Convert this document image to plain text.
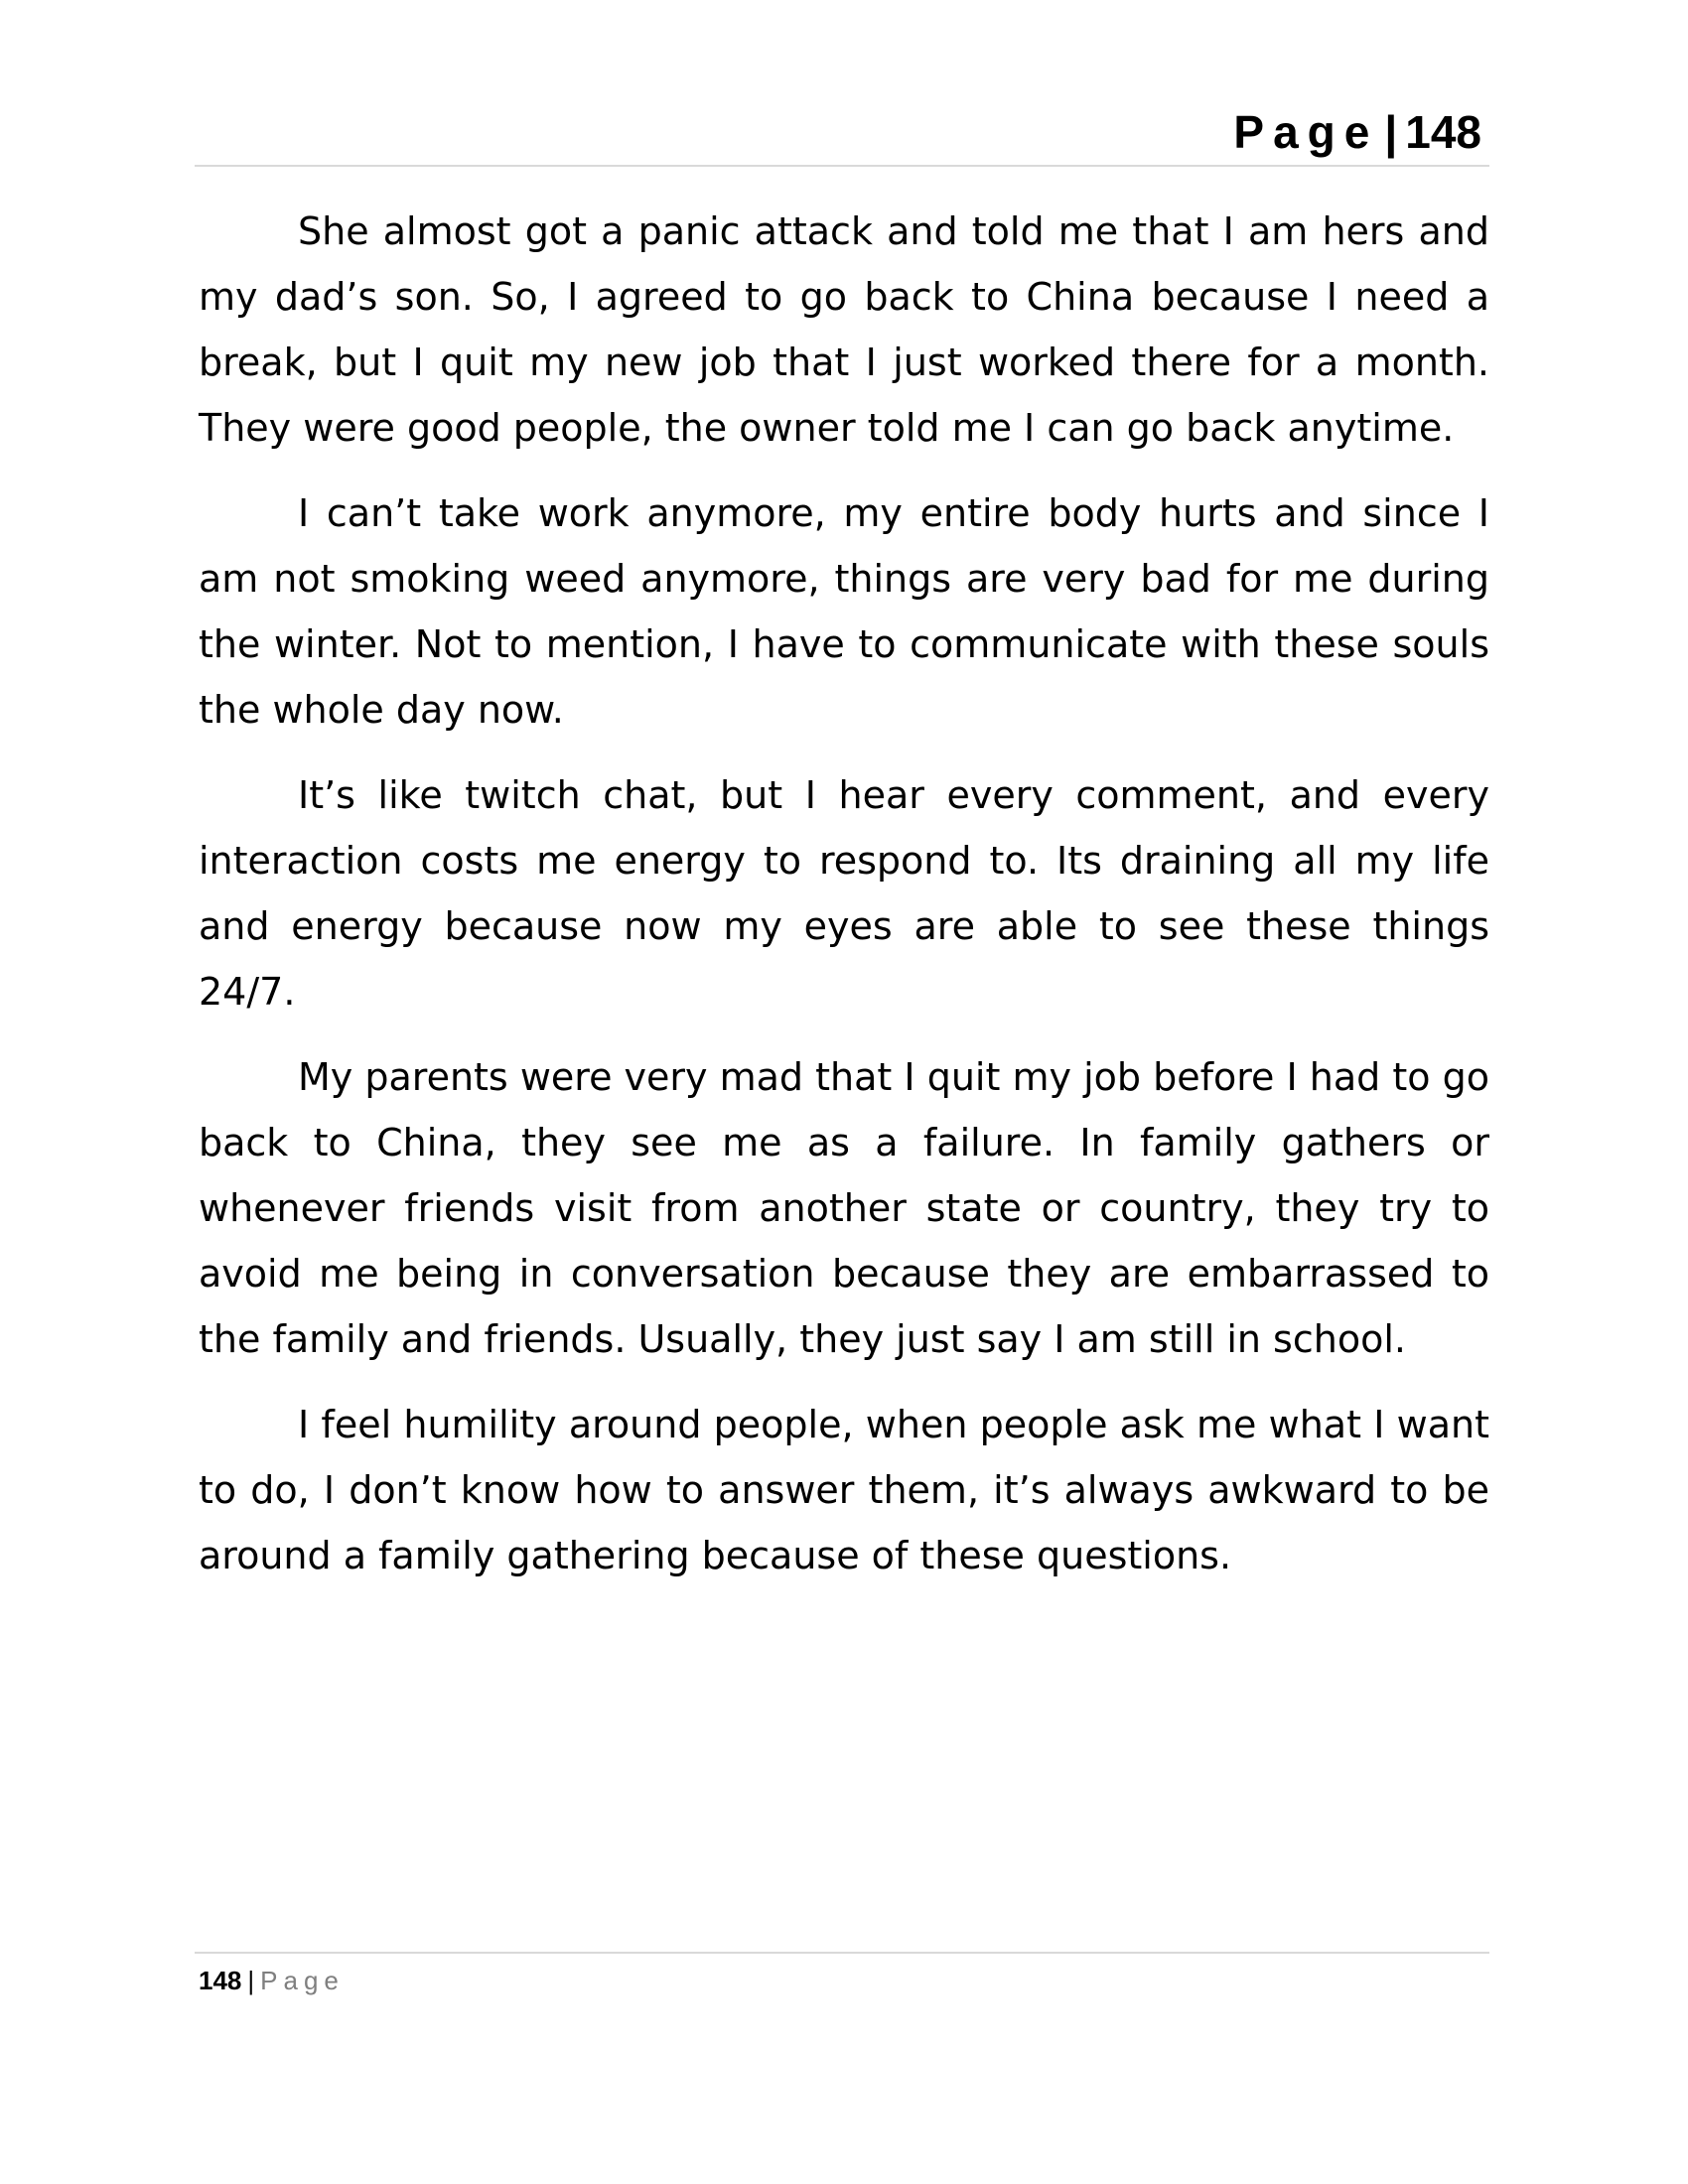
Page | 148

She almost got a panic attack and told me that I am hers and my dad’s son. So, I agreed to go back to China because I need a break, but I quit my new job that I just worked there for a month. They were good people, the owner told me I can go back anytime.

I can’t take work anymore, my entire body hurts and since I am not smoking weed anymore, things are very bad for me during the winter. Not to mention, I have to communicate with these souls the whole day now.

It’s like twitch chat, but I hear every comment, and every interaction costs me energy to respond to. Its draining all my life and energy because now my eyes are able to see these things 24/7.

My parents were very mad that I quit my job before I had to go back to China, they see me as a failure. In family gathers or whenever friends visit from another state or country, they try to avoid me being in conversation because they are embarrassed to the family and friends. Usually, they just say I am still in school.

I feel humility around people, when people ask me what I want to do, I don’t know how to answer them, it’s always awkward to be around a family gathering because of these questions.

148 | Page
